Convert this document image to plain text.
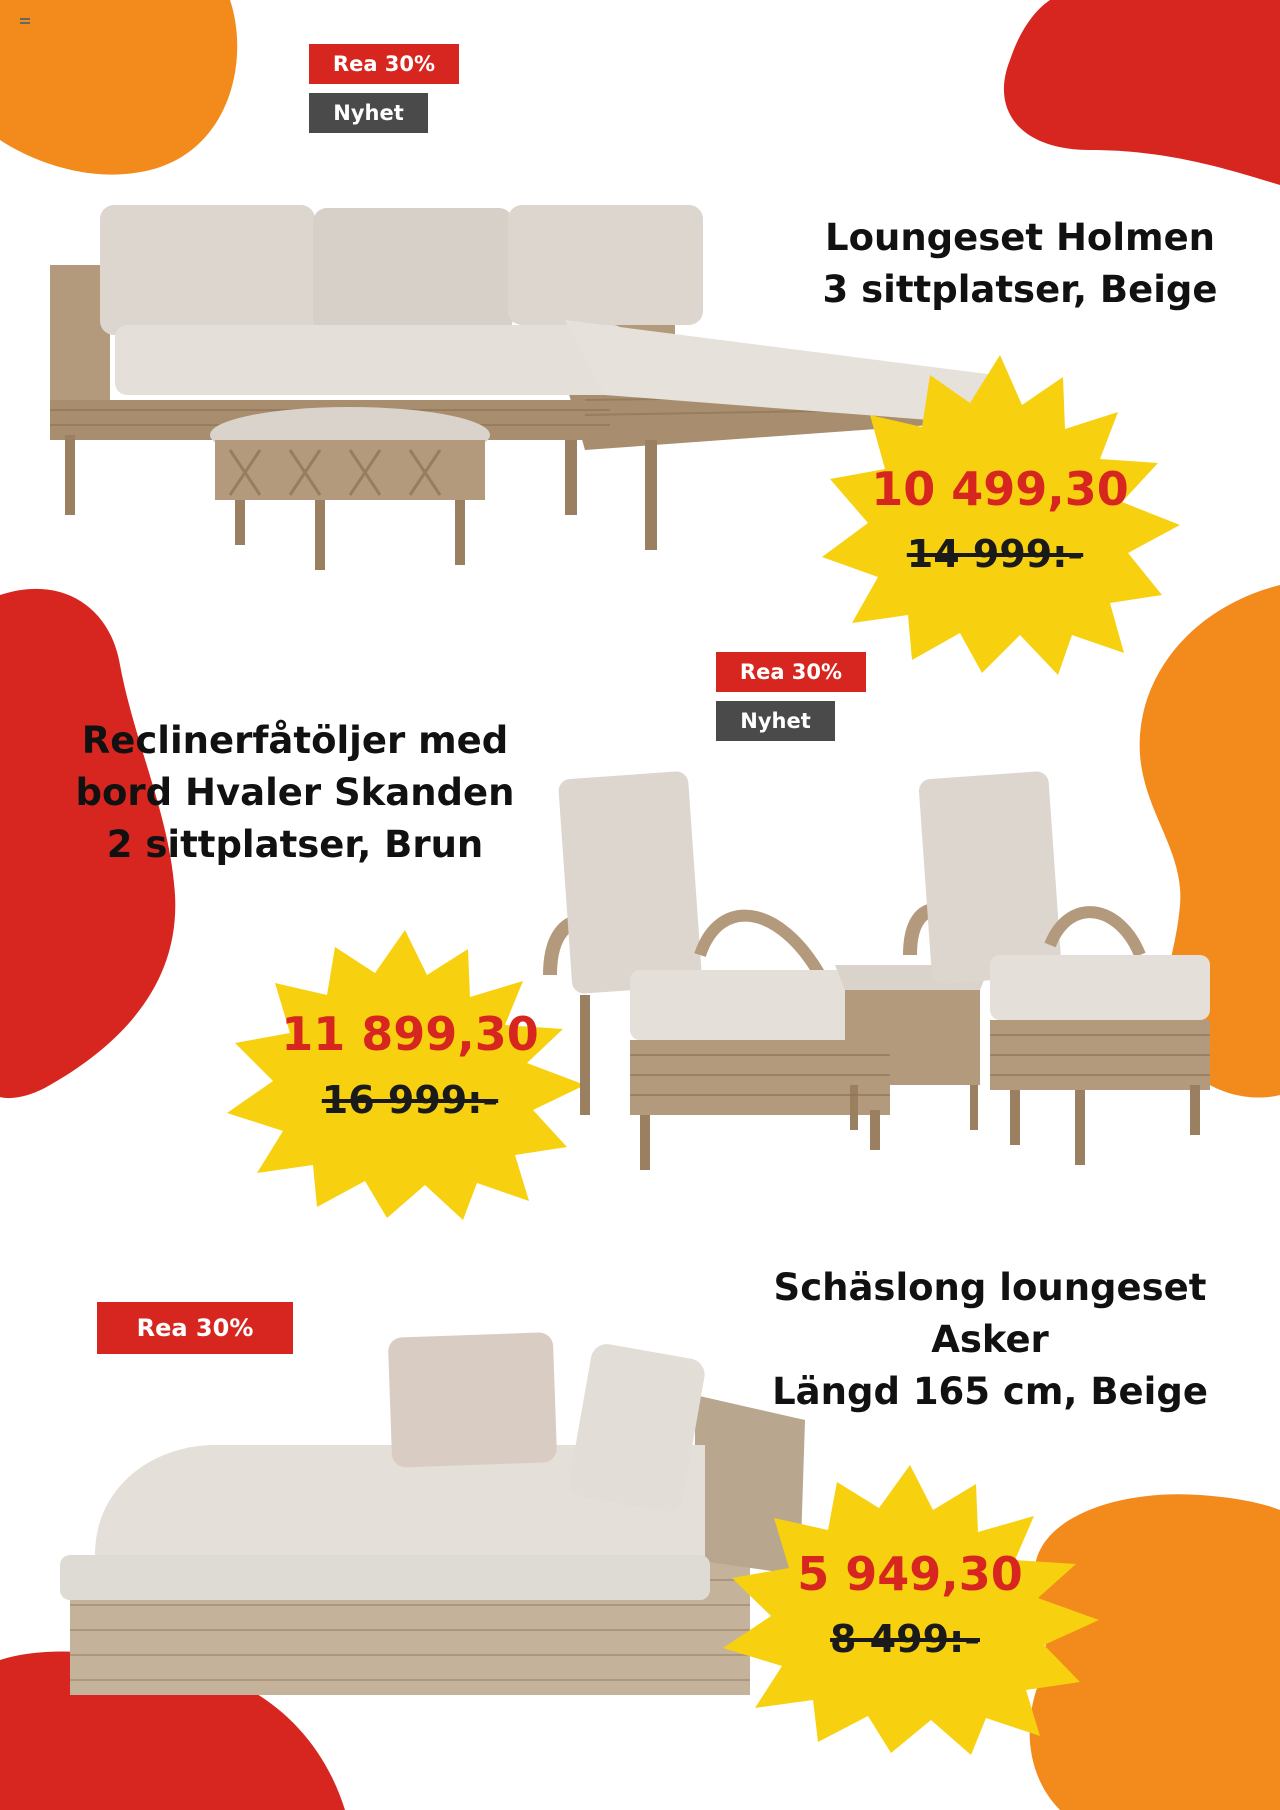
Rea 30%
Nyhet
Loungeset Holmen
3 sittplatser, Beige
10 499,30
14 999:-
Rea 30%
Nyhet
Reclinerfåtöljer med
bord Hvaler Skanden
2 sittplatser, Brun
11 899,30
16 999:-
Rea 30%
Schäslong loungeset
Asker
Längd 165 cm, Beige
5 949,30
8 499:-
